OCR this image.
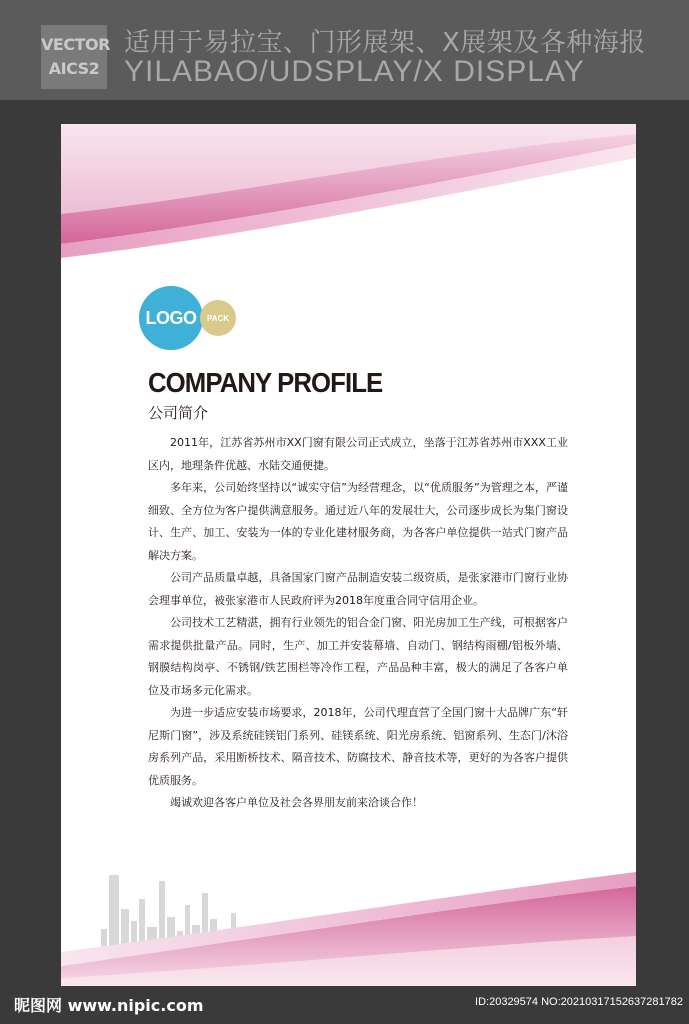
VECTOR
AICS2
适用于易拉宝、门形展架、X展架及各种海报
YILABAO/UDSPLAY/X DISPLAY
LOGO	PACK
COMPANY PROFILE
公司简介

2011年，江苏省苏州市XX门窗有限公司正式成立，坐落于江苏省苏州市XXX工业区内，地理条件优越、水陆交通便捷。

多年来，公司始终坚持以“诚实守信”为经营理念，以“优质服务”为管理之本，严谨细致、全方位为客户提供满意服务。通过近八年的发展壮大，公司逐步成长为集门窗设计、生产、加工、安装为一体的专业化建材服务商，为各客户单位提供一站式门窗产品解决方案。

公司产品质量卓越，具备国家门窗产品制造安装二级资质，是张家港市门窗行业协会理事单位，被张家港市人民政府评为2018年度重合同守信用企业。

公司技术工艺精湛，拥有行业领先的铝合金门窗、阳光房加工生产线，可根据客户需求提供批量产品。同时，生产、加工并安装幕墙、自动门、钢结构雨棚/铝板外墙、钢膜结构岗亭、不锈钢/铁艺围栏等冷作工程，产品品种丰富，极大的满足了各客户单位及市场多元化需求。

为进一步适应安装市场要求，2018年，公司代理直营了全国门窗十大品牌广东“轩尼斯门窗”，涉及系统硅镁铝门系列、硅镁系统、阳光房系统、铝窗系列、生态门/沐浴房系列产品，采用断桥技术、隔音技术、防腐技术、静音技术等，更好的为各客户提供优质服务。

竭诚欢迎各客户单位及社会各界朋友前来洽谈合作！

昵图网 www.nipic.com	ID:20329574 NO:20210317152637281782
